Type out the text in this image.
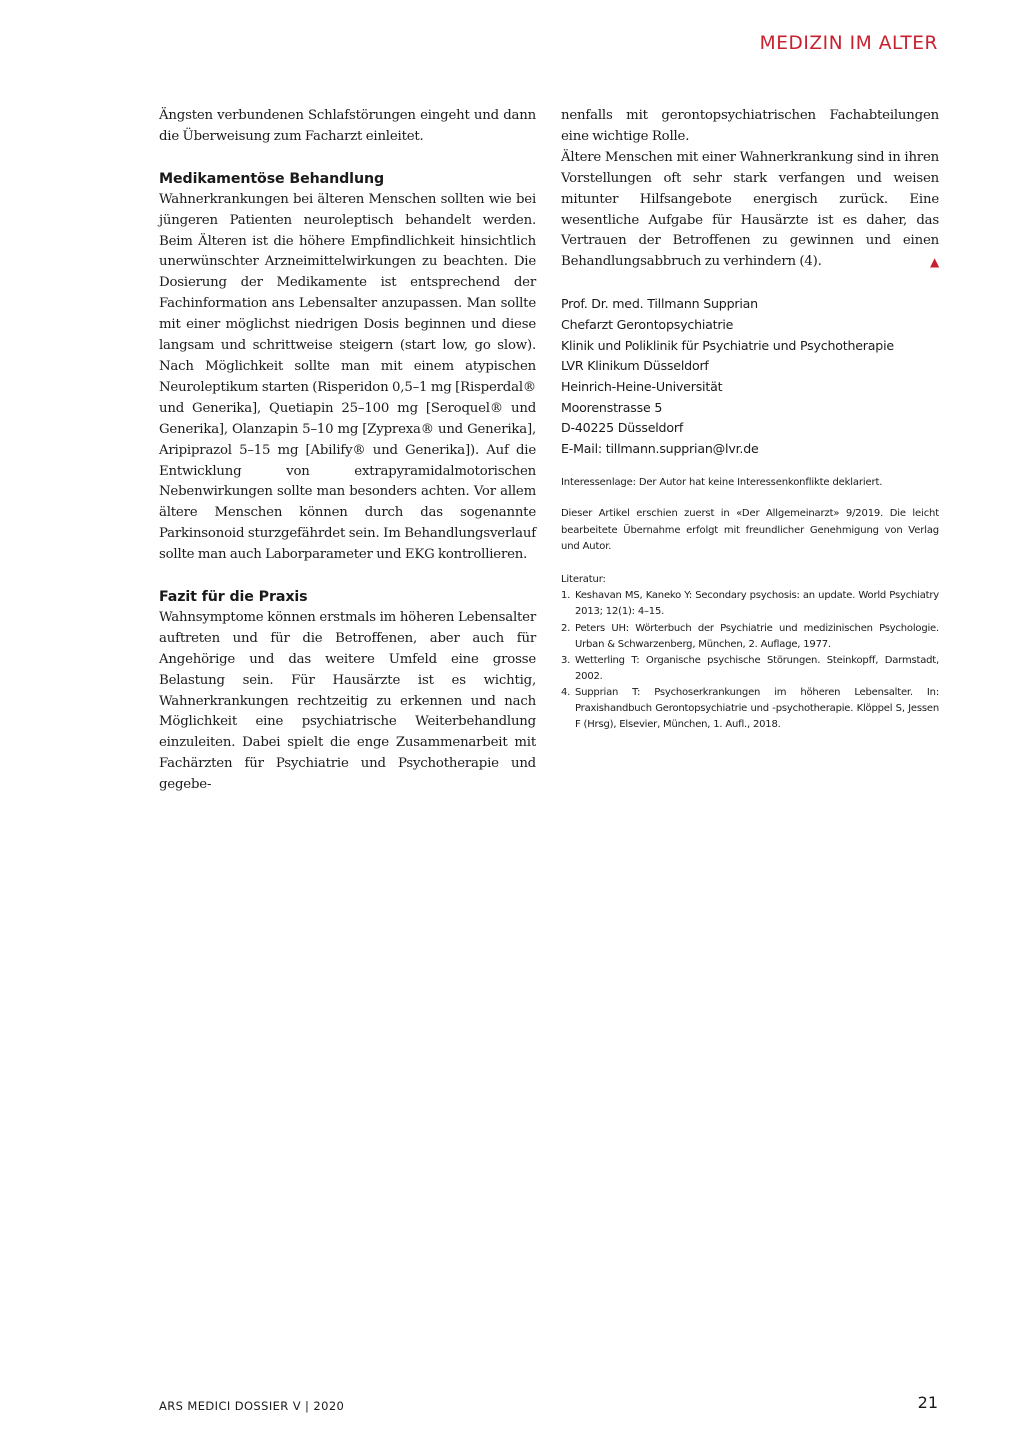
MEDIZIN IM ALTER

Ängsten verbundenen Schlafstörungen eingeht und dann die Überweisung zum Facharzt einleitet.

Medikamentöse Behandlung

Wahnerkrankungen bei älteren Menschen sollten wie bei jüngeren Patienten neuroleptisch behandelt werden. Beim Älteren ist die höhere Empfindlichkeit hinsichtlich unerwünschter Arzneimittelwirkungen zu beachten. Die Dosierung der Medikamente ist entsprechend der Fachinformation ans Lebensalter anzupassen. Man sollte mit einer möglichst niedrigen Dosis beginnen und diese langsam und schrittweise steigern (start low, go slow). Nach Möglichkeit sollte man mit einem atypischen Neuroleptikum starten (Risperidon 0,5–1 mg [Risperdal® und Generika], Quetiapin 25–100 mg [Seroquel® und Generika], Olanzapin 5–10 mg [Zyprexa® und Generika], Aripiprazol 5–15 mg [Abilify® und Generika]). Auf die Entwicklung von extrapyramidalmotorischen Nebenwirkungen sollte man besonders achten. Vor allem ältere Menschen können durch das sogenannte Parkinsonoid sturzgefährdet sein. Im Behandlungsverlauf sollte man auch Laborparameter und EKG kontrollieren.

Fazit für die Praxis

Wahnsymptome können erstmals im höheren Lebensalter auftreten und für die Betroffenen, aber auch für Angehörige und das weitere Umfeld eine grosse Belastung sein. Für Hausärzte ist es wichtig, Wahnerkrankungen rechtzeitig zu erkennen und nach Möglichkeit eine psychiatrische Weiterbehandlung einzuleiten. Dabei spielt die enge Zusammenarbeit mit Fachärzten für Psychiatrie und Psychotherapie und gegebe-

nenfalls mit gerontopsychiatrischen Fachabteilungen eine wichtige Rolle.

Ältere Menschen mit einer Wahnerkrankung sind in ihren Vorstellungen oft sehr stark verfangen und weisen mitunter Hilfsangebote energisch zurück. Eine wesentliche Aufgabe für Hausärzte ist es daher, das Vertrauen der Betroffenen zu gewinnen und einen Behandlungsabbruch zu verhindern (4).	▲

Prof. Dr. med. Tillmann Supprian

Chefarzt Gerontopsychiatrie

Klinik und Poliklinik für Psychiatrie und Psychotherapie

LVR Klinikum Düsseldorf

Heinrich-Heine-Universität

Moorenstrasse 5

D-40225 Düsseldorf

E-Mail: tillmann.supprian@lvr.de

Interessenlage: Der Autor hat keine Interessenkonflikte deklariert.

Dieser Artikel erschien zuerst in «Der Allgemeinarzt» 9/2019. Die leicht bearbeitete Übernahme erfolgt mit freundlicher Genehmigung von Verlag und Autor.

Literatur:

1. Keshavan MS, Kaneko Y: Secondary psychosis: an update. World Psychiatry 2013; 12(1): 4–15.
2. Peters UH: Wörterbuch der Psychiatrie und medizinischen Psychologie. Urban & Schwarzenberg, München, 2. Auflage, 1977.
3. Wetterling T: Organische psychische Störungen. Steinkopff, Darmstadt, 2002.
4. Supprian T: Psychoserkrankungen im höheren Lebensalter. In: Praxishandbuch Gerontopsychiatrie und -psychotherapie. Klöppel S, Jessen F (Hrsg), Elsevier, München, 1. Aufl., 2018.
ARS MEDICI DOSSIER V | 2020	21
